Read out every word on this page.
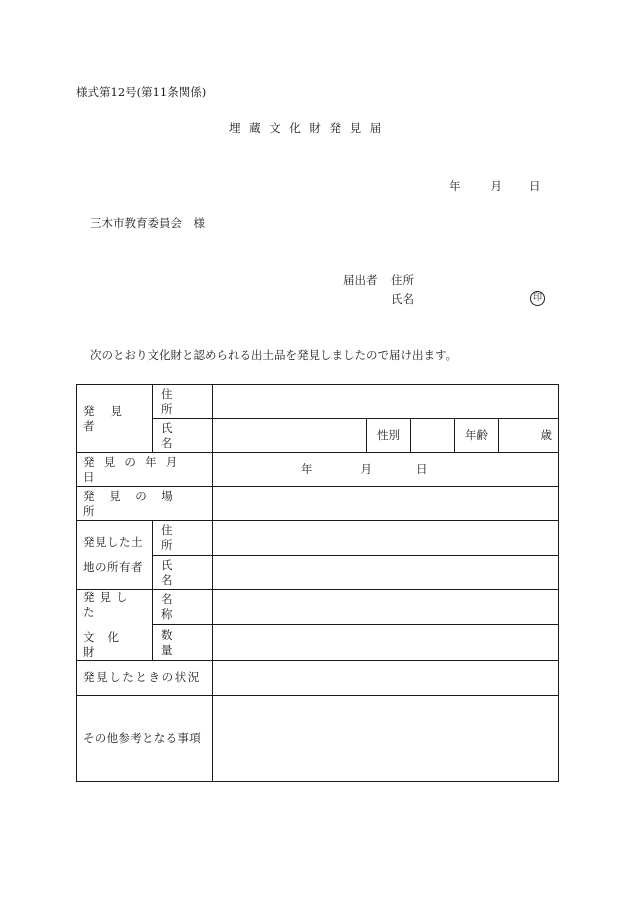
様式第12号(第11条関係)
埋蔵文化財発見届
年	月 日
三木市教育委員会　様
届出者 住所
氏名	印
次のとおり文化財と認められる出土品を発見しましたので届け出ます。
発見者	住所					

	氏名		性別		年齢	歳
発見の年月日		年 月 日				
発見の場所						

発見した土
地の所有者	住所					

	氏名					

発見した
文化財	名称					

	数量					

発見したときの状況						
その他参考となる事項						
